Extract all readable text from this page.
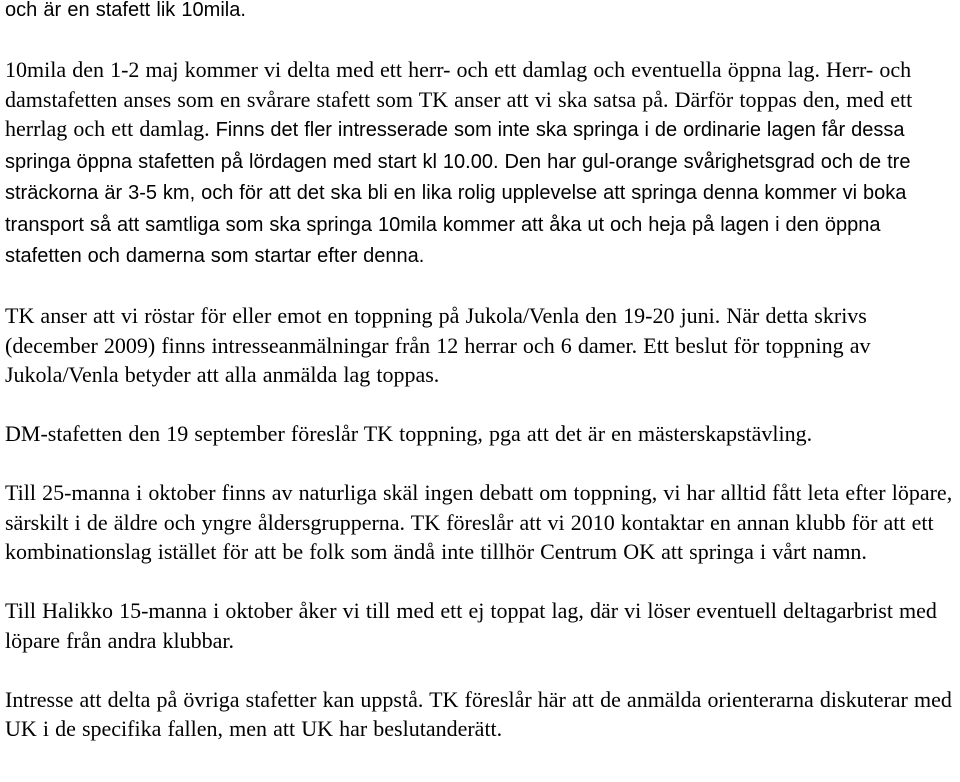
och är en stafett lik 10mila.

10mila den 1-2 maj kommer vi delta med ett herr- och ett damlag och eventuella öppna lag. Herr- och damstafetten anses som en svårare stafett som TK anser att vi ska satsa på. Därför toppas den, med ett herrlag och ett damlag. Finns det fler intresserade som inte ska springa i de ordinarie lagen får dessa springa öppna stafetten på lördagen med start kl 10.00. Den har gul-orange svårighetsgrad och de tre sträckorna är 3-5 km, och för att det ska bli en lika rolig upplevelse att springa denna kommer vi boka transport så att samtliga som ska springa 10mila kommer att åka ut och heja på lagen i den öppna stafetten och damerna som startar efter denna.

TK anser att vi röstar för eller emot en toppning på Jukola/Venla den 19-20 juni. När detta skrivs (december 2009) finns intresseanmälningar från 12 herrar och 6 damer. Ett beslut för toppning av Jukola/Venla betyder att alla anmälda lag toppas.

DM-stafetten den 19 september föreslår TK toppning, pga att det är en mästerskapstävling.

Till 25-manna i oktober finns av naturliga skäl ingen debatt om toppning, vi har alltid fått leta efter löpare, särskilt i de äldre och yngre åldersgrupperna. TK föreslår att vi 2010 kontaktar en annan klubb för att ett kombinationslag istället för att be folk som ändå inte tillhör Centrum OK att springa i vårt namn.

Till Halikko 15-manna i oktober åker vi till med ett ej toppat lag, där vi löser eventuell deltagarbrist med löpare från andra klubbar.

Intresse att delta på övriga stafetter kan uppstå. TK föreslår här att de anmälda orienterarna diskuterar med UK i de specifika fallen, men att UK har beslutanderätt.
